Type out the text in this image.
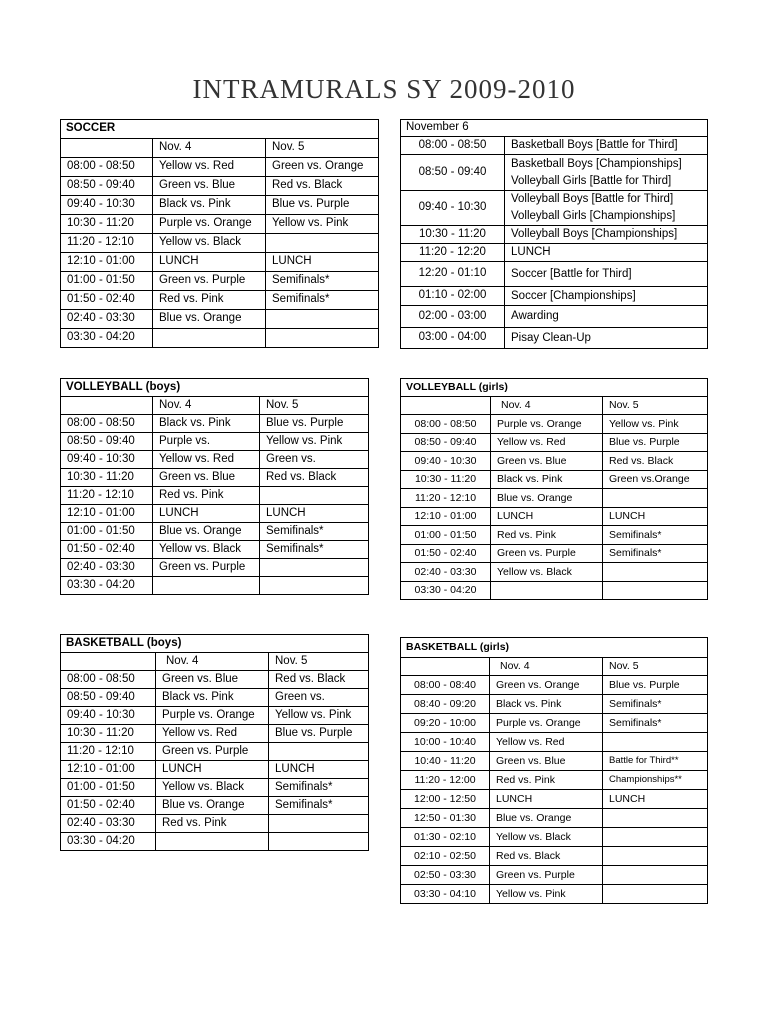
INTRAMURALS SY 2009-2010
SOCCER		
	Nov. 4	Nov. 5
08:00 - 08:50	Yellow vs. Red	Green vs. Orange
08:50 - 09:40	Green vs. Blue	Red vs. Black
09:40 - 10:30	Black vs. Pink	Blue vs. Purple
10:30 - 11:20	Purple vs. Orange	Yellow vs. Pink
11:20 - 12:10	Yellow vs. Black	
12:10 - 01:00	LUNCH	LUNCH
01:00 - 01:50	Green vs. Purple	Semifinals*
01:50 - 02:40	Red vs. Pink	Semifinals*
02:40 - 03:30	Blue vs. Orange	
03:30 - 04:20		
November 6	
08:00 - 08:50	Basketball Boys [Battle for Third]

08:50 - 09:40	Basketball Boys [Championships]
Volleyball Girls [Battle for Third]

09:40 - 10:30	Volleyball Boys [Battle for Third]
Volleyball Girls [Championships]

10:30 - 11:20	Volleyball Boys [Championships]

11:20 - 12:20	LUNCH

12:20 - 01:10	Soccer [Battle for Third]

01:10 - 02:00	Soccer [Championships]

02:00 - 03:00	Awarding

03:00 - 04:00	Pisay Clean-Up
VOLLEYBALL (boys)		
	Nov. 4	Nov. 5
08:00 - 08:50	Black vs. Pink	Blue vs. Purple
08:50 - 09:40	Purple vs.	Yellow vs. Pink
09:40 - 10:30	Yellow vs. Red	Green vs.
10:30 - 11:20	Green vs. Blue	Red vs. Black
11:20 - 12:10	Red vs. Pink	
12:10 - 01:00	LUNCH	LUNCH
01:00 - 01:50	Blue vs. Orange	Semifinals*
01:50 - 02:40	Yellow vs. Black	Semifinals*
02:40 - 03:30	Green vs. Purple	
03:30 - 04:20		
VOLLEYBALL (girls)		
	Nov. 4	Nov. 5
08:00 - 08:50	Purple vs. Orange	Yellow vs. Pink
08:50 - 09:40	Yellow vs. Red	Blue vs. Purple
09:40 - 10:30	Green vs. Blue	Red vs. Black
10:30 - 11:20	Black vs. Pink	Green vs.Orange
11:20 - 12:10	Blue vs. Orange	
12:10 - 01:00	LUNCH	LUNCH
01:00 - 01:50	Red vs. Pink	Semifinals*
01:50 - 02:40	Green vs. Purple	Semifinals*
02:40 - 03:30	Yellow vs. Black	
03:30 - 04:20		
BASKETBALL (boys)		
	Nov. 4	Nov. 5
08:00 - 08:50	Green vs. Blue	Red vs. Black
08:50 - 09:40	Black vs. Pink	Green vs.
09:40 - 10:30	Purple vs. Orange	Yellow vs. Pink
10:30 - 11:20	Yellow vs. Red	Blue vs. Purple
11:20 - 12:10	Green vs. Purple	
12:10 - 01:00	LUNCH	LUNCH
01:00 - 01:50	Yellow vs. Black	Semifinals*
01:50 - 02:40	Blue vs. Orange	Semifinals*
02:40 - 03:30	Red vs. Pink	
03:30 - 04:20		
BASKETBALL (girls)		
	Nov. 4	Nov. 5
08:00 - 08:40	Green vs. Orange	Blue vs. Purple
08:40 - 09:20	Black vs. Pink	Semifinals*
09:20 - 10:00	Purple vs. Orange	Semifinals*
10:00 - 10:40	Yellow vs. Red	
10:40 - 11:20	Green vs. Blue	Battle for Third**
11:20 - 12:00	Red vs. Pink	Championships**
12:00 - 12:50	LUNCH	LUNCH
12:50 - 01:30	Blue vs. Orange	
01:30 - 02:10	Yellow vs. Black	
02:10 - 02:50	Red vs. Black	
02:50 - 03:30	Green vs. Purple	
03:30 - 04:10	Yellow vs. Pink	
